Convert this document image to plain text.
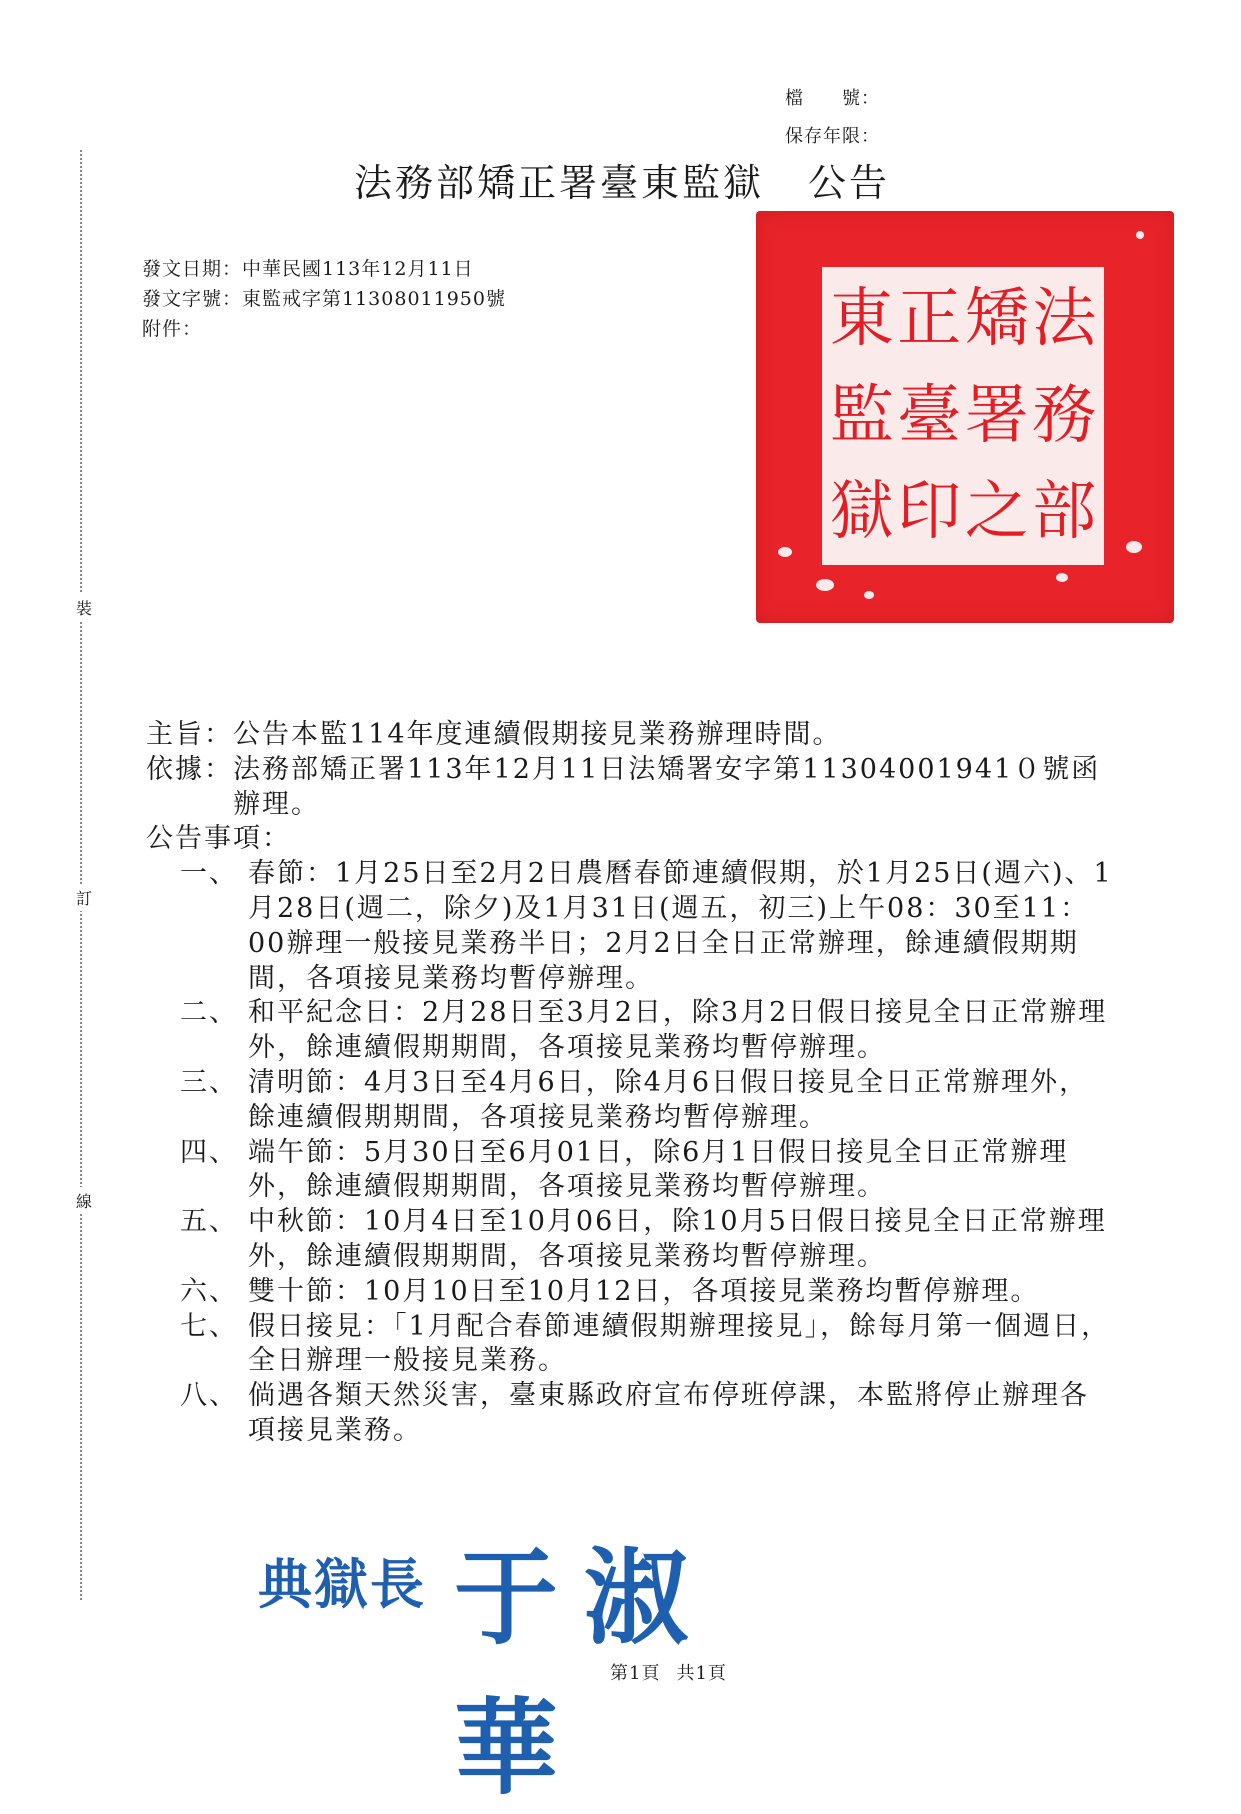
裝
訂
線
檔　　號：
保存年限：
法務部矯正署臺東監獄 公告
發文日期：中華民國113年12月11日
發文字號：東監戒字第11308011950號
附件：	東 正 矯 法
監 臺 署 務
獄 印 之 部
主旨： 公告本監114年度連續假期接見業務辦理時間。
依據： 法務部矯正署113年12月11日法矯署安字第11304001941０號函辦理。
公告事項：
一、 春節：1月25日至2月2日農曆春節連續假期，於1月25日(週六)、1月28日(週二，除夕)及1月31日(週五，初三)上午08：30至11：00辦理一般接見業務半日；2月2日全日正常辦理，餘連續假期期間，各項接見業務均暫停辦理。
二、 和平紀念日：2月28日至3月2日，除3月2日假日接見全日正常辦理外，餘連續假期期間，各項接見業務均暫停辦理。
三、 清明節：4月3日至4月6日，除4月6日假日接見全日正常辦理外，餘連續假期期間，各項接見業務均暫停辦理。
四、 端午節：5月30日至6月01日，除6月1日假日接見全日正常辦理外，餘連續假期期間，各項接見業務均暫停辦理。
五、 中秋節：10月4日至10月06日，除10月5日假日接見全日正常辦理外，餘連續假期期間，各項接見業務均暫停辦理。
六、 雙十節：10月10日至10月12日，各項接見業務均暫停辦理。
七、 假日接見：「1月配合春節連續假期辦理接見」，餘每月第一個週日，全日辦理一般接見業務。
八、 倘遇各類天然災害，臺東縣政府宣布停班停課，本監將停止辦理各項接見業務。
典獄長 于淑華
第1頁 共1頁
